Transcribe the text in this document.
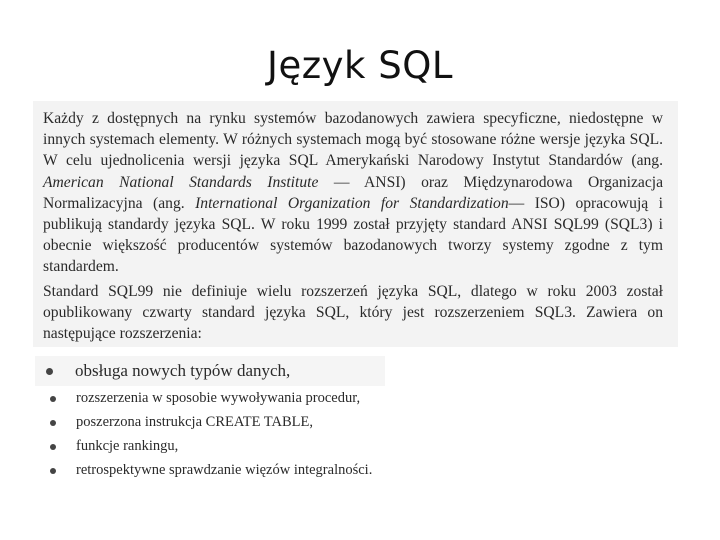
Język SQL

Każdy z dostępnych na rynku systemów bazodanowych zawiera specyficzne, niedostępne w innych systemach elementy. W różnych systemach mogą być stosowane różne wersje języka SQL. W celu ujednolicenia wersji języka SQL Amerykański Narodowy Instytut Standardów (ang. American National Standards Institute — ANSI) oraz Międzynarodowa Organizacja Normalizacyjna (ang. International Organization for Standardization— ISO) opracowują i publikują standardy języka SQL. W roku 1999 został przyjęty standard ANSI SQL99 (SQL3) i obecnie większość producentów systemów bazodanowych tworzy systemy zgodne z tym standardem.

Standard SQL99 nie definiuje wielu rozszerzeń języka SQL, dlatego w roku 2003 został opublikowany czwarty standard języka SQL, który jest rozszerzeniem SQL3. Zawiera on następujące rozszerzenia:

obsługa nowych typów danych,
rozszerzenia w sposobie wywoływania procedur,
poszerzona instrukcja CREATE TABLE,
funkcje rankingu,
retrospektywne sprawdzanie więzów integralności.
